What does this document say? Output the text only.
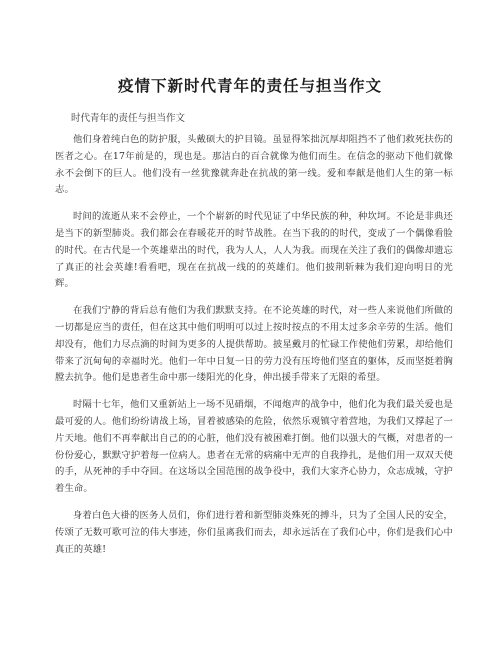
疫情下新时代青年的责任与担当作文
时代青年的责任与担当作文

他们身着纯白色的防护服，头戴硕大的护目镜。虽显得笨拙沉厚却阻挡不了他们救死扶伤的医者之心。在17年前是的，现也是。那洁白的百合就像为他们而生。在信念的驱动下他们就像永不会倒下的巨人。他们没有一丝犹豫就奔赴在抗战的第一线。爱和奉献是他们人生的第一标志。

时间的流逝从来不会停止，一个个崭新的时代见证了中华民族的种，种坎坷。不论是非典还是当下的新型肺炎。我们都会在春暖花开的时节战胜。在当下我的的时代，变成了一个偶像看脸的时代。在古代是一个英雄辈出的时代，我为人人，人人为我。而现在关注了我们的偶像却遗忘了真正的社会英雄!看看吧，现在在抗战一线的的英雄们。他们披荆斩棘为我们迎向明日的光辉。

在我们宁静的背后总有他们为我们默默支持。在不论英雄的时代，对一些人来说他们所做的一切都是应当的责任，但在这其中他们明明可以过上按时按点的不用太过多余辛劳的生活。他们却没有，他们力尽点滴的时间为更多的人提供帮助。披星戴月的忙碌工作使他们劳累，却给他们带来了沉甸甸的幸福时光。他们一年中日复一日的劳力没有压垮他们坚直的躯体，反而坚挺着胸膛去抗争。他们是患者生命中那一缕阳光的化身，伸出援手带来了无限的希望。

时隔十七年，他们又重新站上一场不见硝烟，不闻炮声的战争中，他们化为我们最关爱也是最可爱的人。他们纷纷请战上场，冒着被感染的危险，依然乐观镇守着营地，为我们又撑起了一片天地。他们不再奉献出自己的的心脏，他们没有被困难打倒。他们以强大的气概，对患者的一份份爱心，默默守护着每一位病人。患者在无常的病痛中无声的自我挣扎，是他们用一双双天使的手，从死神的手中夺回。在这场以全国范围的战争役中，我们大家齐心协力，众志成城，守护着生命。

身着白色大褂的医务人员们，你们进行着和新型肺炎殊死的搏斗，只为了全国人民的安全，传颂了无数可歌可泣的伟大事迹，你们虽离我们而去，却永远活在了我们心中，你们是我们心中真正的英雄!
